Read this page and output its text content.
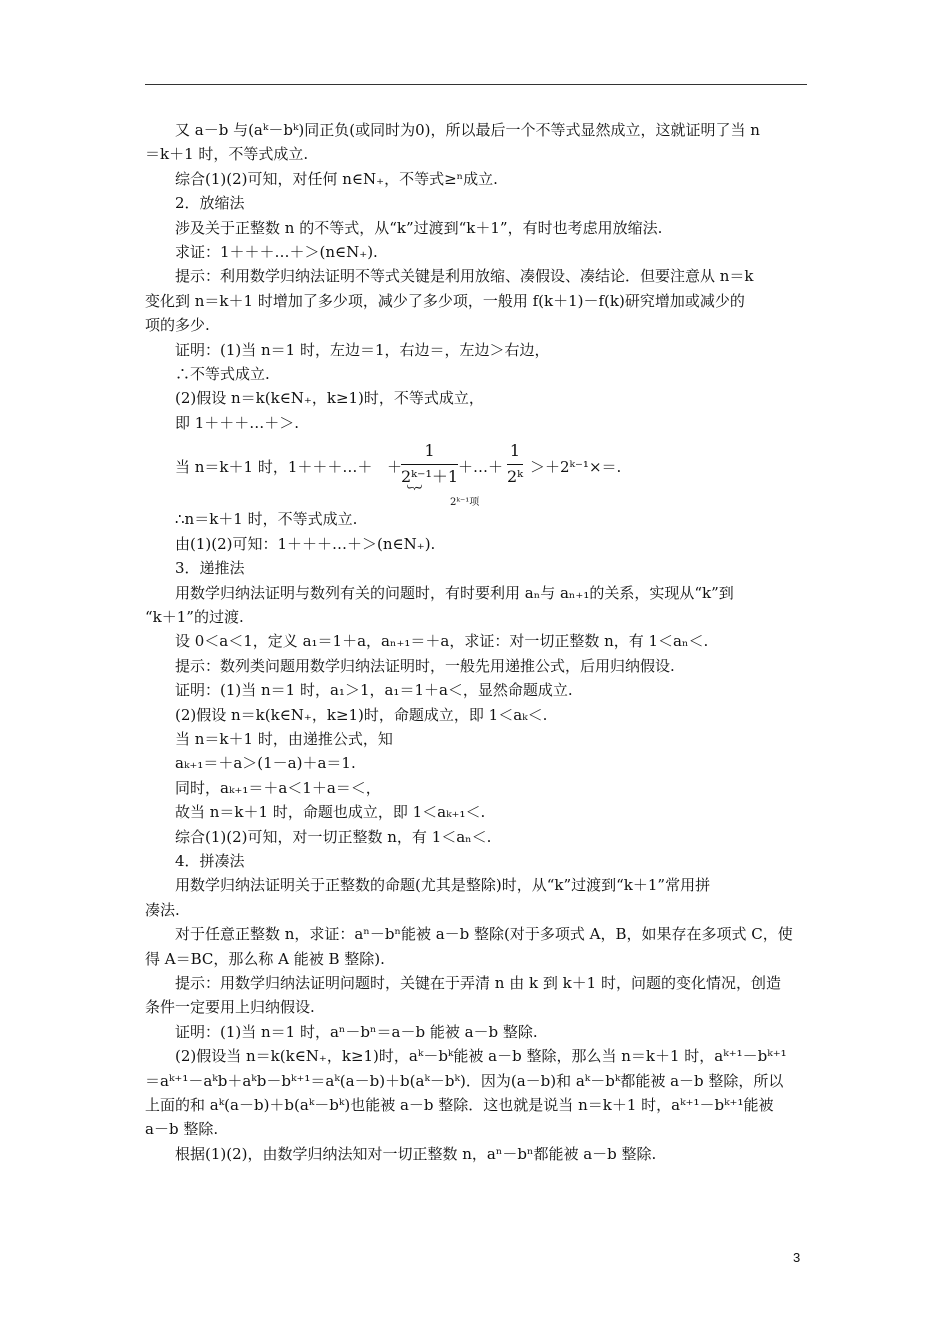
又 a－b 与(aᵏ－bᵏ)同正负(或同时为0)，所以最后一个不等式显然成立，这就证明了当 n
＝k＋1 时，不等式成立.
综合(1)(2)可知，对任何 n∈N₊，不等式≥ⁿ成立.
2．放缩法
涉及关于正整数 n 的不等式，从“k”过渡到“k＋1”，有时也考虑用放缩法.
求证：1＋＋＋…＋＞(n∈N₊).
提示：利用数学归纳法证明不等式关键是利用放缩、凑假设、凑结论．但要注意从 n＝k
变化到 n＝k＋1 时增加了多少项，减少了多少项，一般用 f(k＋1)－f(k)研究增加或减少的
项的多少.
证明：(1)当 n＝1 时，左边＝1，右边＝，左边＞右边，
∴不等式成立.
(2)假设 n＝k(k∈N₊，k≥1)时，不等式成立，
即 1＋＋＋…＋＞.
当 n＝k＋1 时，1＋＋＋…＋ ＋
$\frac{1}{\text{2ᵏ⁻¹＋1}}$ ＋…＋ $\frac{1}{\text{2ᵏ}}$
︸
2ᵏ⁻¹项
＞＋2ᵏ⁻¹×＝.
∴n＝k＋1 时，不等式成立.
由(1)(2)可知：1＋＋＋…＋＞(n∈N₊).
3．递推法
用数学归纳法证明与数列有关的问题时，有时要利用 aₙ与 aₙ₊₁的关系，实现从“k”到
“k＋1”的过渡.
设 0＜a＜1，定义 a₁＝1＋a，aₙ₊₁＝＋a，求证：对一切正整数 n，有 1＜aₙ＜.
提示：数列类问题用数学归纳法证明时，一般先用递推公式，后用归纳假设.
证明：(1)当 n＝1 时，a₁＞1，a₁＝1＋a＜，显然命题成立.
(2)假设 n＝k(k∈N₊，k≥1)时，命题成立，即 1＜aₖ＜.
当 n＝k＋1 时，由递推公式，知
aₖ₊₁＝＋a＞(1－a)＋a＝1.
同时，aₖ₊₁＝＋a＜1＋a＝＜，
故当 n＝k＋1 时，命题也成立，即 1＜aₖ₊₁＜.
综合(1)(2)可知，对一切正整数 n，有 1＜aₙ＜.
4．拼凑法
用数学归纳法证明关于正整数的命题(尤其是整除)时，从“k”过渡到“k＋1”常用拼
凑法.
对于任意正整数 n，求证：aⁿ－bⁿ能被 a－b 整除(对于多项式 A，B，如果存在多项式 C，使
得 A＝BC，那么称 A 能被 B 整除).
提示：用数学归纳法证明问题时，关键在于弄清 n 由 k 到 k＋1 时，问题的变化情况，创造
条件一定要用上归纳假设.
证明：(1)当 n＝1 时，aⁿ－bⁿ＝a－b 能被 a－b 整除.
(2)假设当 n＝k(k∈N₊，k≥1)时，aᵏ－bᵏ能被 a－b 整除，那么当 n＝k＋1 时，aᵏ⁺¹－bᵏ⁺¹
＝aᵏ⁺¹－aᵏb＋aᵏb－bᵏ⁺¹＝aᵏ(a－b)＋b(aᵏ－bᵏ)．因为(a－b)和 aᵏ－bᵏ都能被 a－b 整除，所以
上面的和 aᵏ(a－b)＋b(aᵏ－bᵏ)也能被 a－b 整除．这也就是说当 n＝k＋1 时，aᵏ⁺¹－bᵏ⁺¹能被
a－b 整除.
根据(1)(2)，由数学归纳法知对一切正整数 n，aⁿ－bⁿ都能被 a－b 整除.
3
